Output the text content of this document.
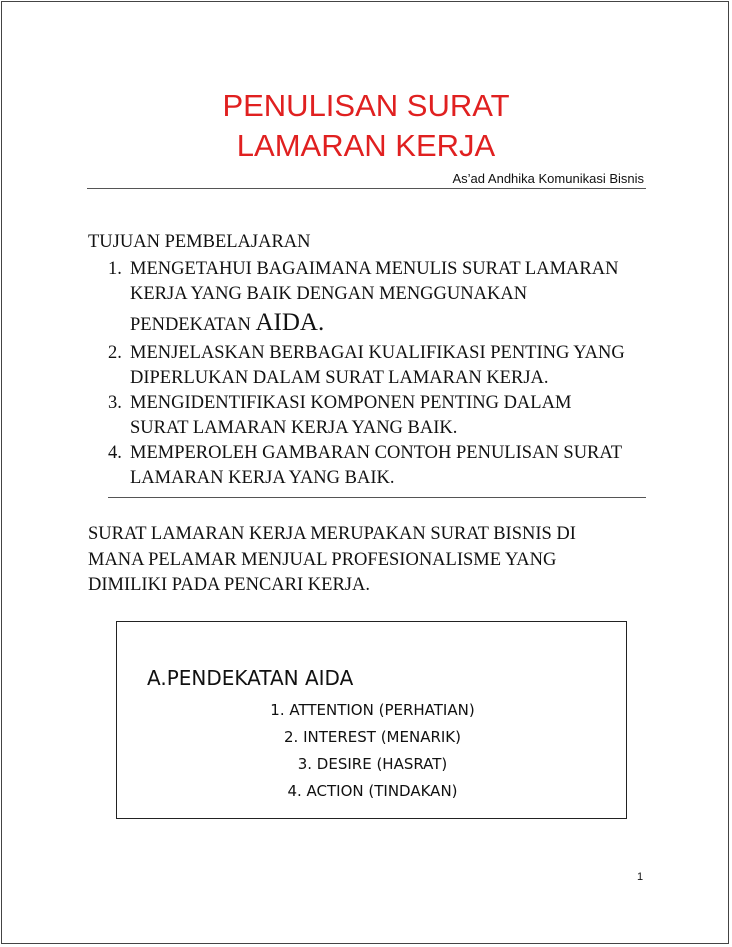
PENULISAN SURAT
LAMARAN KERJA
As’ad Andhika Komunikasi Bisnis
TUJUAN PEMBELAJARAN
1. MENGETAHUI BAGAIMANA MENULIS SURAT LAMARAN
KERJA YANG BAIK DENGAN MENGGUNAKAN
PENDEKATAN AIDA.
2. MENJELASKAN BERBAGAI KUALIFIKASI PENTING YANG
DIPERLUKAN DALAM SURAT LAMARAN KERJA.
3. MENGIDENTIFIKASI KOMPONEN PENTING DALAM
SURAT LAMARAN KERJA YANG BAIK.
4. MEMPEROLEH GAMBARAN CONTOH PENULISAN SURAT
LAMARAN KERJA YANG BAIK.
SURAT LAMARAN KERJA MERUPAKAN SURAT BISNIS DI
MANA PELAMAR MENJUAL PROFESIONALISME YANG
DIMILIKI PADA PENCARI KERJA.
A.PENDEKATAN AIDA
1. ATTENTION (PERHATIAN)
2. INTEREST (MENARIK)
3. DESIRE (HASRAT)
4. ACTION (TINDAKAN)
1
